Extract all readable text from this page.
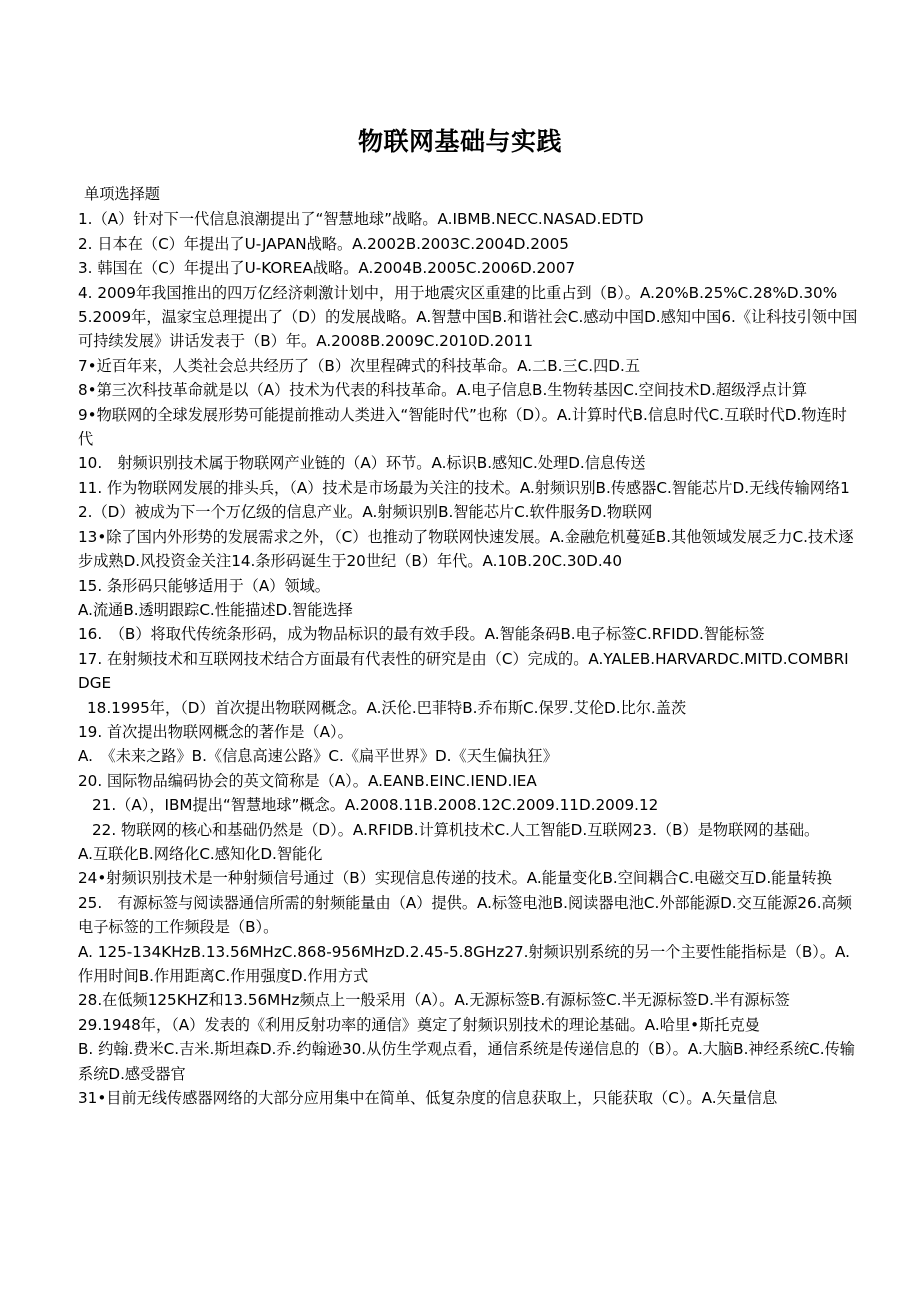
物联网基础与实践

单项选择题

1.（A）针对下一代信息浪潮提出了“智慧地球”战略。A.IBMB.NECC.NASAD.EDTD

2. 日本在（C）年提出了U-JAPAN战略。A.2002B.2003C.2004D.2005

3. 韩国在（C）年提出了U-KOREA战略。A.2004B.2005C.2006D.2007

4. 2009年我国推出的四万亿经济刺激计划中，用于地震灾区重建的比重占到（B）。A.20%B.25%C.28%D.30%

5.2009年，温家宝总理提出了（D）的发展战略。A.智慧中国B.和谐社会C.感动中国D.感知中国6.《让科技引领中国可持续发展》讲话发表于（B）年。A.2008B.2009C.2010D.2011

7•近百年来，人类社会总共经历了（B）次里程碑式的科技革命。A.二B.三C.四D.五

8•第三次科技革命就是以（A）技术为代表的科技革命。A.电子信息B.生物转基因C.空间技术D.超级浮点计算

9•物联网的全球发展形势可能提前推动人类进入“智能时代”也称（D）。A.计算时代B.信息时代C.互联时代D.物连时代

10.　射频识别技术属于物联网产业链的（A）环节。A.标识B.感知C.处理D.信息传送

11. 作为物联网发展的排头兵，（A）技术是市场最为关注的技术。A.射频识别B.传感器C.智能芯片D.无线传输网络12.（D）被成为下一个万亿级的信息产业。A.射频识别B.智能芯片C.软件服务D.物联网

13•除了国内外形势的发展需求之外，（C）也推动了物联网快速发展。A.金融危机蔓延B.其他领域发展乏力C.技术逐步成熟D.风投资金关注14.条形码诞生于20世纪（B）年代。A.10B.20C.30D.40

15. 条形码只能够适用于（A）领域。

A.流通B.透明跟踪C.性能描述D.智能选择

16.　（B）将取代传统条形码，成为物品标识的最有效手段。A.智能条码B.电子标签C.RFIDD.智能标签

17. 在射频技术和互联网技术结合方面最有代表性的研究是由（C）完成的。A.YALEB.HARVARDC.MITD.COMBRIDGE

18.1995年，（D）首次提出物联网概念。A.沃伦.巴菲特B.乔布斯C.保罗.艾伦D.比尔.盖茨

19. 首次提出物联网概念的著作是（A）。

A.　《未来之路》B.《信息高速公路》C.《扁平世界》D.《天生偏执狂》

20. 国际物品编码协会的英文简称是（A）。A.EANB.EINC.IEND.IEA

21.（A），IBM提出“智慧地球”概念。A.2008.11B.2008.12C.2009.11D.2009.12

22. 物联网的核心和基础仍然是（D）。A.RFIDB.计算机技术C.人工智能D.互联网23.（B）是物联网的基础。

A.互联化B.网络化C.感知化D.智能化

24•射频识别技术是一种射频信号通过（B）实现信息传递的技术。A.能量变化B.空间耦合C.电磁交互D.能量转换

25.　有源标签与阅读器通信所需的射频能量由（A）提供。A.标签电池B.阅读器电池C.外部能源D.交互能源26.高频电子标签的工作频段是（B）。

A. 125-134KHzB.13.56MHzC.868-956MHzD.2.45-5.8GHz27.射频识别系统的另一个主要性能指标是（B）。A.作用时间B.作用距离C.作用强度D.作用方式

28.在低频125KHZ和13.56MHz频点上一般采用（A）。A.无源标签B.有源标签C.半无源标签D.半有源标签

29.1948年，（A）发表的《利用反射功率的通信》奠定了射频识别技术的理论基础。A.哈里•斯托克曼

B. 约翰.费米C.吉米.斯坦森D.乔.约翰逊30.从仿生学观点看，通信系统是传递信息的（B）。A.大脑B.神经系统C.传输系统D.感受器官

31•目前无线传感器网络的大部分应用集中在简单、低复杂度的信息获取上，只能获取（C）。A.矢量信息
